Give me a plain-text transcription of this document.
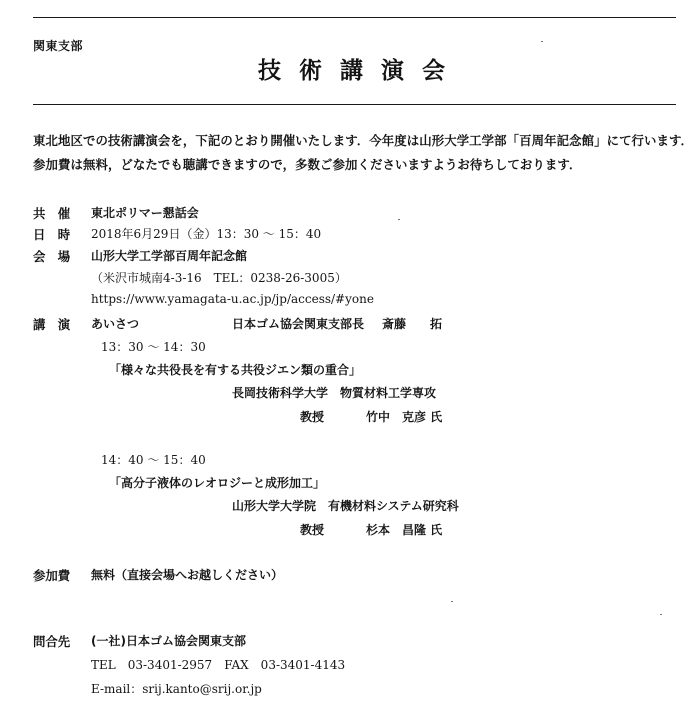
関東支部
技術講演会
東北地区での技術講演会を，下記のとおり開催いたします．今年度は山形大学工学部「百周年記念館」にて行います．
参加費は無料，どなたでも聴講できますので，多数ご参加くださいますようお待ちしております．
共　催 東北ポリマー懇話会
日　時 2018年6月29日（金）13：30 ～ 15：40
会　場 山形大学工学部百周年記念館
（米沢市城南4-3-16　TEL：0238-26-3005）
https://www.yamagata-u.ac.jp/jp/access/#yone
講　演 あいさつ	日本ゴム協会関東支部長 斎藤　　拓
13：30 ～ 14：30
「様々な共役長を有する共役ジエン類の重合」
長岡技術科学大学　物質材料工学専攻
教授	竹中　克彦 氏
14：40 ～ 15：40
「高分子液体のレオロジーと成形加工」
山形大学大学院　有機材料システム研究科
教授	杉本　昌隆 氏
参加費 無料（直接会場へお越しください）
問合先 (一社)日本ゴム協会関東支部
TEL　03-3401-2957　FAX　03-3401-4143
E-mail：srij.kanto@srij.or.jp
